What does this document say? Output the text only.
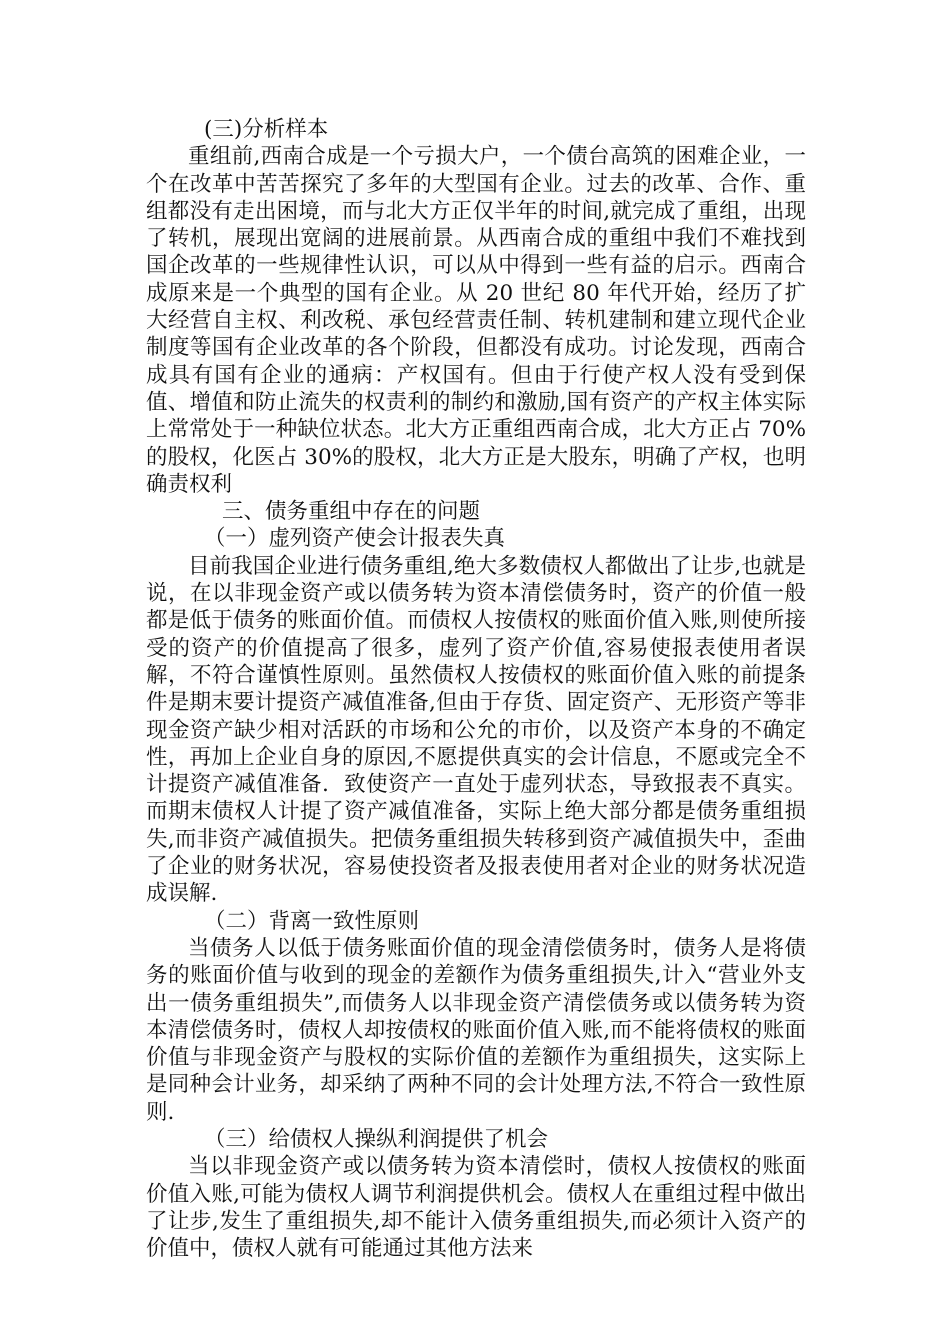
(三)分析样本

重组前,西南合成是一个亏损大户，一个债台高筑的困难企业，一个在改革中苦苦探究了多年的大型国有企业。过去的改革、合作、重组都没有走出困境，而与北大方正仅半年的时间,就完成了重组，出现了转机，展现出宽阔的进展前景。从西南合成的重组中我们不难找到国企改革的一些规律性认识，可以从中得到一些有益的启示。西南合成原来是一个典型的国有企业。从 20 世纪 80 年代开始，经历了扩大经营自主权、利改税、承包经营责任制、转机建制和建立现代企业制度等国有企业改革的各个阶段，但都没有成功。讨论发现，西南合成具有国有企业的通病：产权国有。但由于行使产权人没有受到保值、增值和防止流失的权责利的制约和激励,国有资产的产权主体实际上常常处于一种缺位状态。北大方正重组西南合成，北大方正占 70%的股权，化医占 30%的股权，北大方正是大股东，明确了产权，也明确责权利

三、债务重组中存在的问题

（一）虚列资产使会计报表失真

目前我国企业进行债务重组,绝大多数债权人都做出了让步,也就是说，在以非现金资产或以债务转为资本清偿债务时，资产的价值一般都是低于债务的账面价值。而债权人按债权的账面价值入账,则使所接受的资产的价值提高了很多，虚列了资产价值,容易使报表使用者误解，不符合谨慎性原则。虽然债权人按债权的账面价值入账的前提条件是期末要计提资产减值准备,但由于存货、固定资产、无形资产等非现金资产缺少相对活跃的市场和公允的市价，以及资产本身的不确定性，再加上企业自身的原因,不愿提供真实的会计信息，不愿或完全不计提资产减值准备．致使资产一直处于虚列状态，导致报表不真实。而期末债权人计提了资产减值准备，实际上绝大部分都是债务重组损失,而非资产减值损失。把债务重组损失转移到资产减值损失中，歪曲了企业的财务状况，容易使投资者及报表使用者对企业的财务状况造成误解.

（二）背离一致性原则

当债务人以低于债务账面价值的现金清偿债务时，债务人是将债务的账面价值与收到的现金的差额作为债务重组损失,计入“营业外支出一债务重组损失”,而债务人以非现金资产清偿债务或以债务转为资本清偿债务时，债权人却按债权的账面价值入账,而不能将债权的账面价值与非现金资产与股权的实际价值的差额作为重组损失，这实际上是同种会计业务，却采纳了两种不同的会计处理方法,不符合一致性原则.

（三）给债权人操纵利润提供了机会

当以非现金资产或以债务转为资本清偿时，债权人按债权的账面价值入账,可能为债权人调节利润提供机会。债权人在重组过程中做出了让步,发生了重组损失,却不能计入债务重组损失,而必须计入资产的价值中，债权人就有可能通过其他方法来
